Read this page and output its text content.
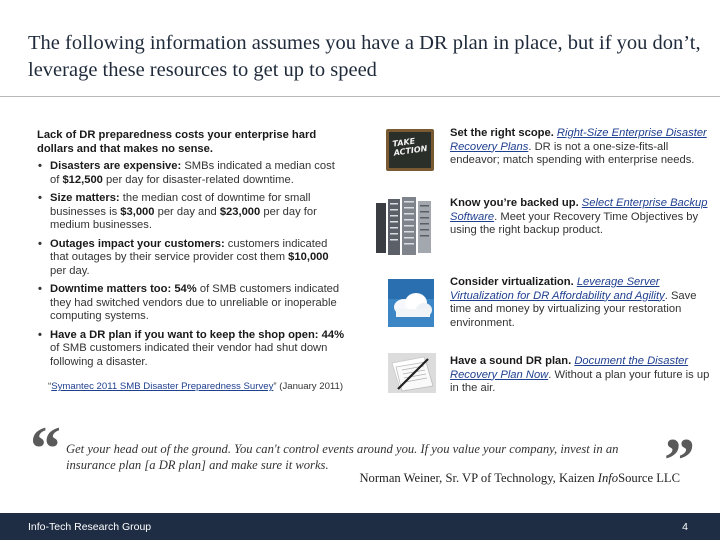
The following information assumes you have a DR plan in place, but if you don’t, leverage these resources to get up to speed
Lack of DR preparedness costs your enterprise hard dollars and that makes no sense.
• Disasters are expensive: SMBs indicated a median cost of $12,500 per day for disaster-related downtime.
• Size matters: the median cost of downtime for small businesses is $3,000 per day and $23,000 per day for medium businesses.
• Outages impact your customers: customers indicated that outages by their service provider cost them $10,000 per day.
• Downtime matters too: 54% of SMB customers indicated they had switched vendors due to unreliable or inoperable computing systems.
• Have a DR plan if you want to keep the shop open: 44% of SMB customers indicated their vendor had shut down following a disaster.
“Symantec 2011 SMB Disaster Preparedness Survey” (January 2011)
TAKE ACTION
Set the right scope. Right-Size Enterprise Disaster Recovery Plans. DR is not a one-size-fits-all endeavor; match spending with enterprise needs.
Know you’re backed up. Select Enterprise Backup Software. Meet your Recovery Time Objectives by using the right backup product.
Consider virtualization. Leverage Server Virtualization for DR Affordability and Agility. Save time and money by virtualizing your restoration environment.
Have a sound DR plan. Document the Disaster Recovery Plan Now. Without a plan your future is up in the air.
“ Get your head out of the ground. You can't control events around you. If you value your company, invest in an insurance plan [a DR plan] and make sure it works.	”
Norman Weiner, Sr. VP of Technology, Kaizen InfoSource LLC
Info-Tech Research Group	4
